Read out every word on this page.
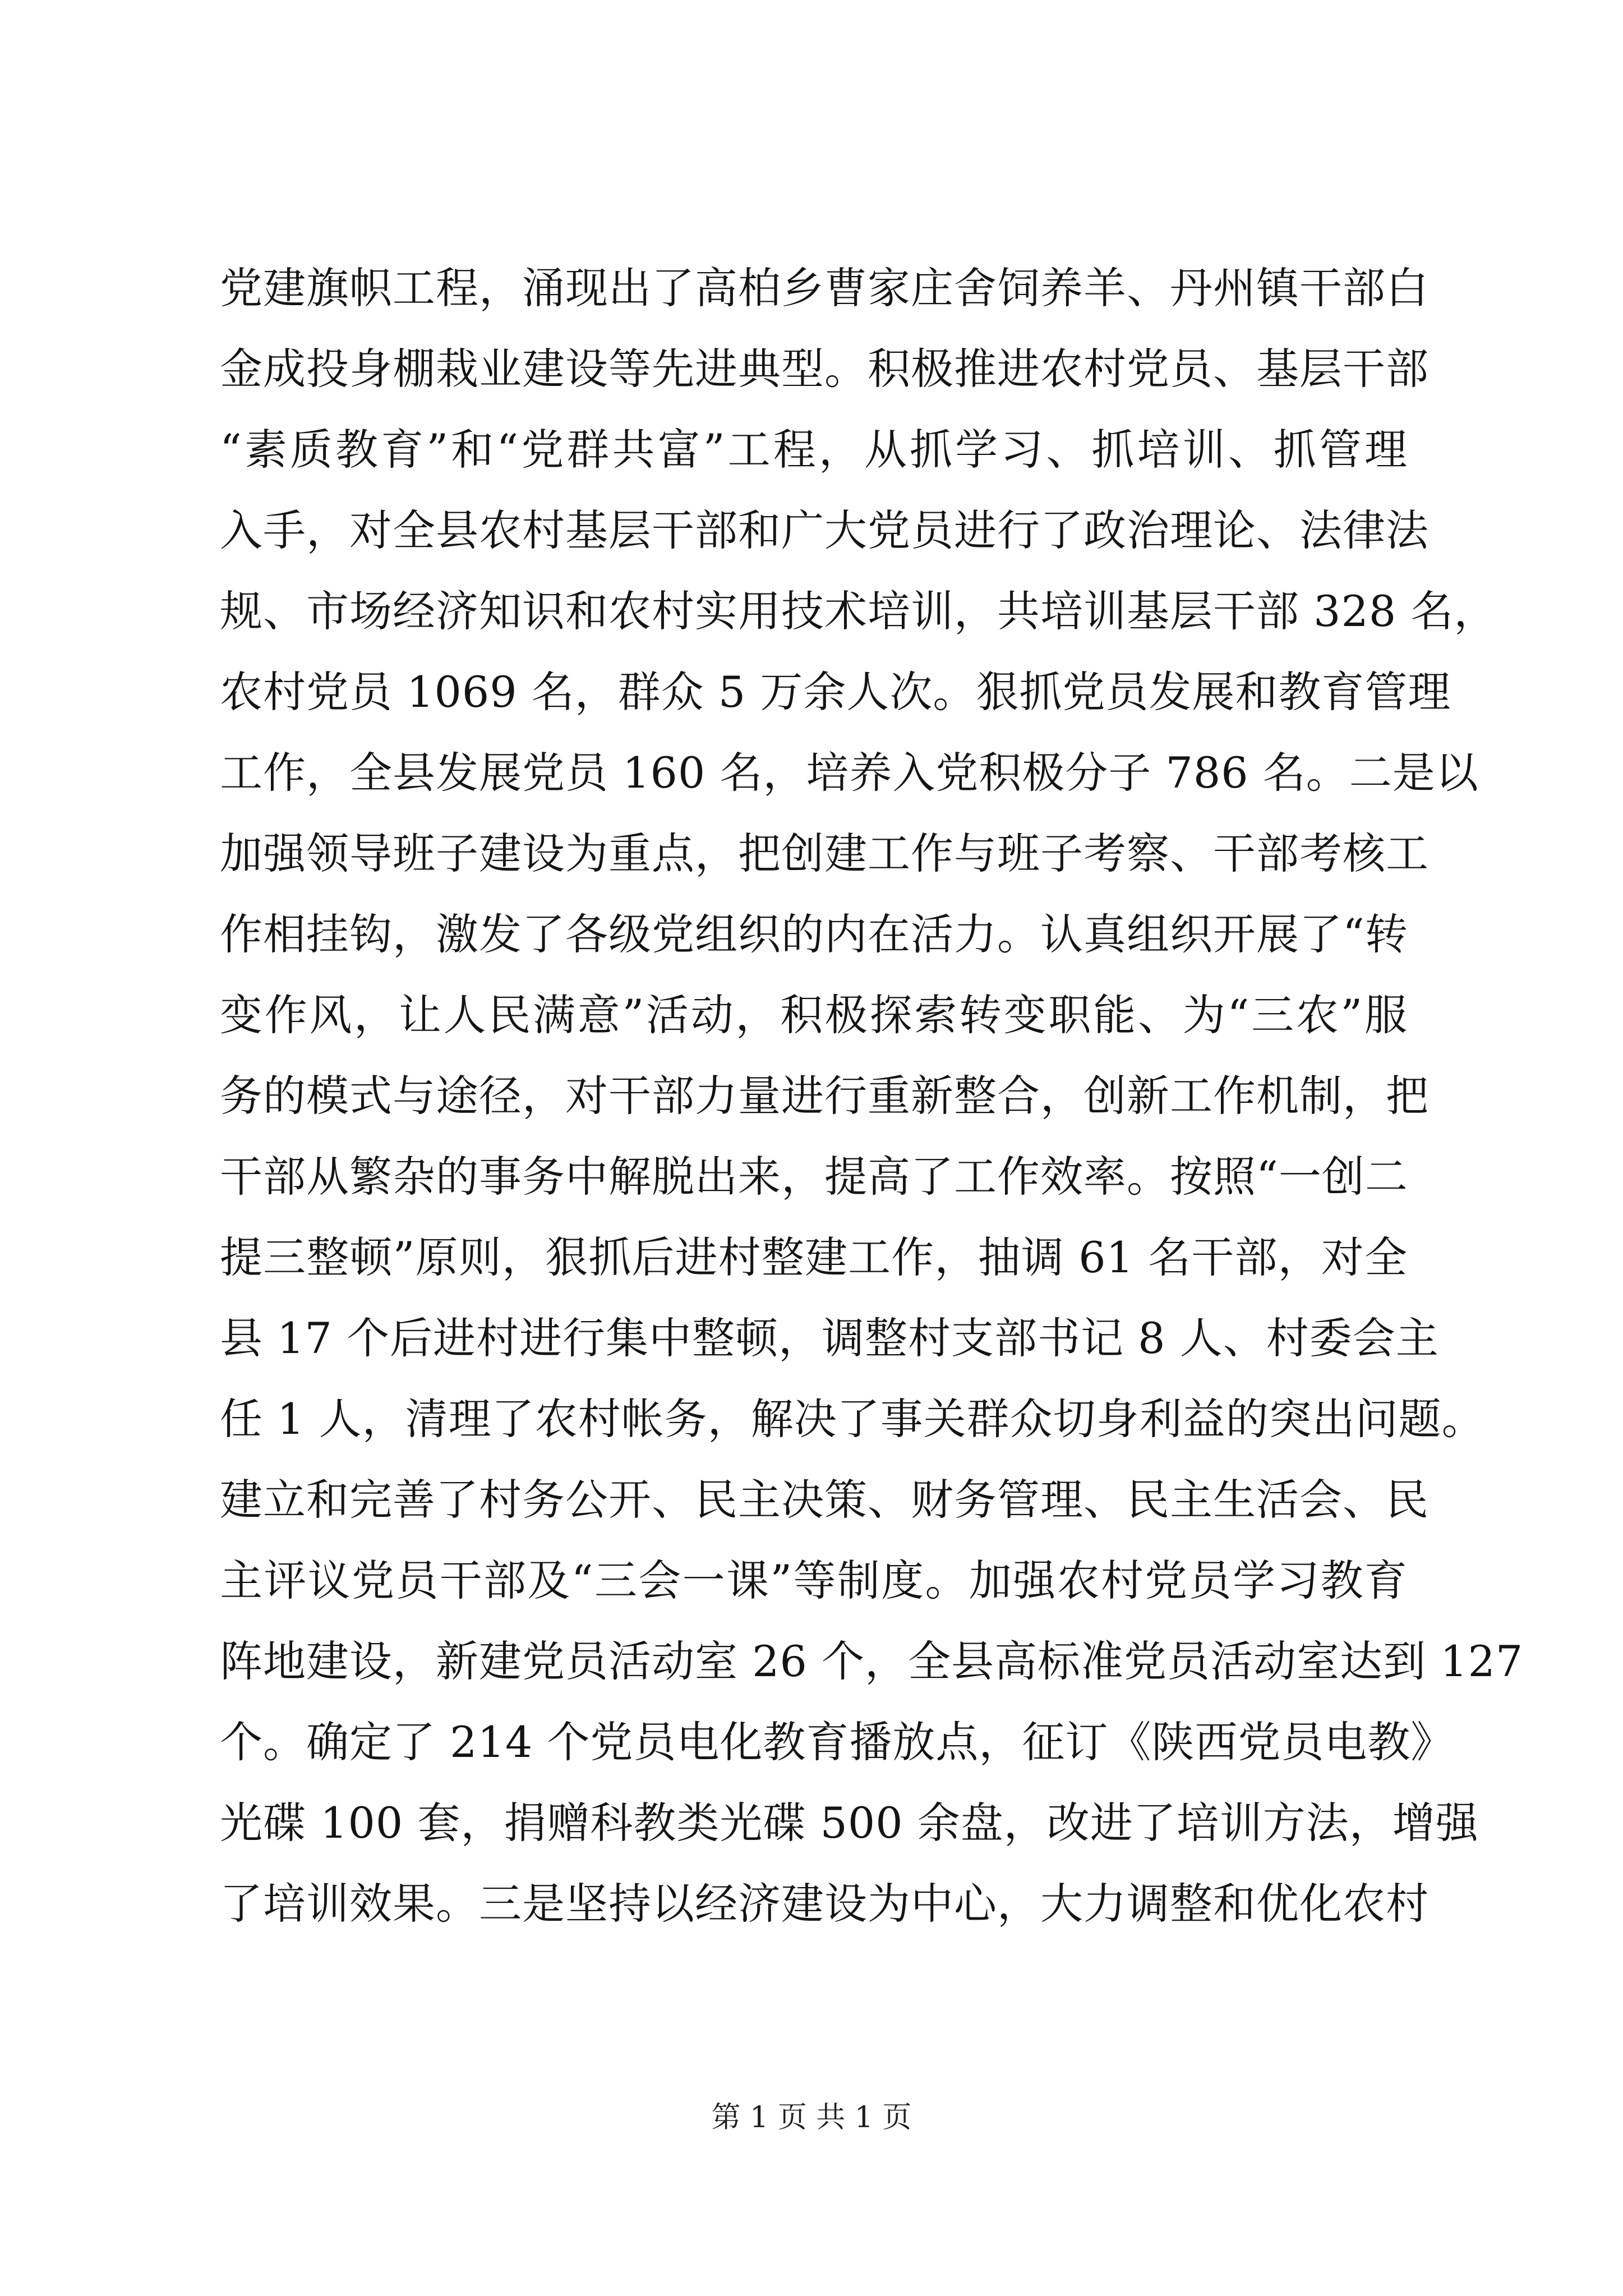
党建旗帜工程，涌现出了高柏乡曹家庄舍饲养羊、丹州镇干部白
金成投身棚栽业建设等先进典型。积极推进农村党员、基层干部
“素质教育”和“党群共富”工程，从抓学习、抓培训、抓管理
入手，对全县农村基层干部和广大党员进行了政治理论、法律法
规、市场经济知识和农村实用技术培训，共培训基层干部 328 名，
农村党员 1069 名，群众 5 万余人次。狠抓党员发展和教育管理
工作，全县发展党员 160 名，培养入党积极分子 786 名。二是以
加强领导班子建设为重点，把创建工作与班子考察、干部考核工
作相挂钩，激发了各级党组织的内在活力。认真组织开展了“转
变作风，让人民满意”活动，积极探索转变职能、为“三农”服
务的模式与途径，对干部力量进行重新整合，创新工作机制，把
干部从繁杂的事务中解脱出来，提高了工作效率。按照“一创二
提三整顿”原则，狠抓后进村整建工作，抽调 61 名干部，对全
县 17 个后进村进行集中整顿，调整村支部书记 8 人、村委会主
任 1 人，清理了农村帐务，解决了事关群众切身利益的突出问题。
建立和完善了村务公开、民主决策、财务管理、民主生活会、民
主评议党员干部及“三会一课”等制度。加强农村党员学习教育
阵地建设，新建党员活动室 26 个，全县高标准党员活动室达到 127
个。确定了 214 个党员电化教育播放点，征订《陕西党员电教》
光碟 100 套，捐赠科教类光碟 500 余盘，改进了培训方法，增强
了培训效果。三是坚持以经济建设为中心，大力调整和优化农村
第 1 页 共 1 页
